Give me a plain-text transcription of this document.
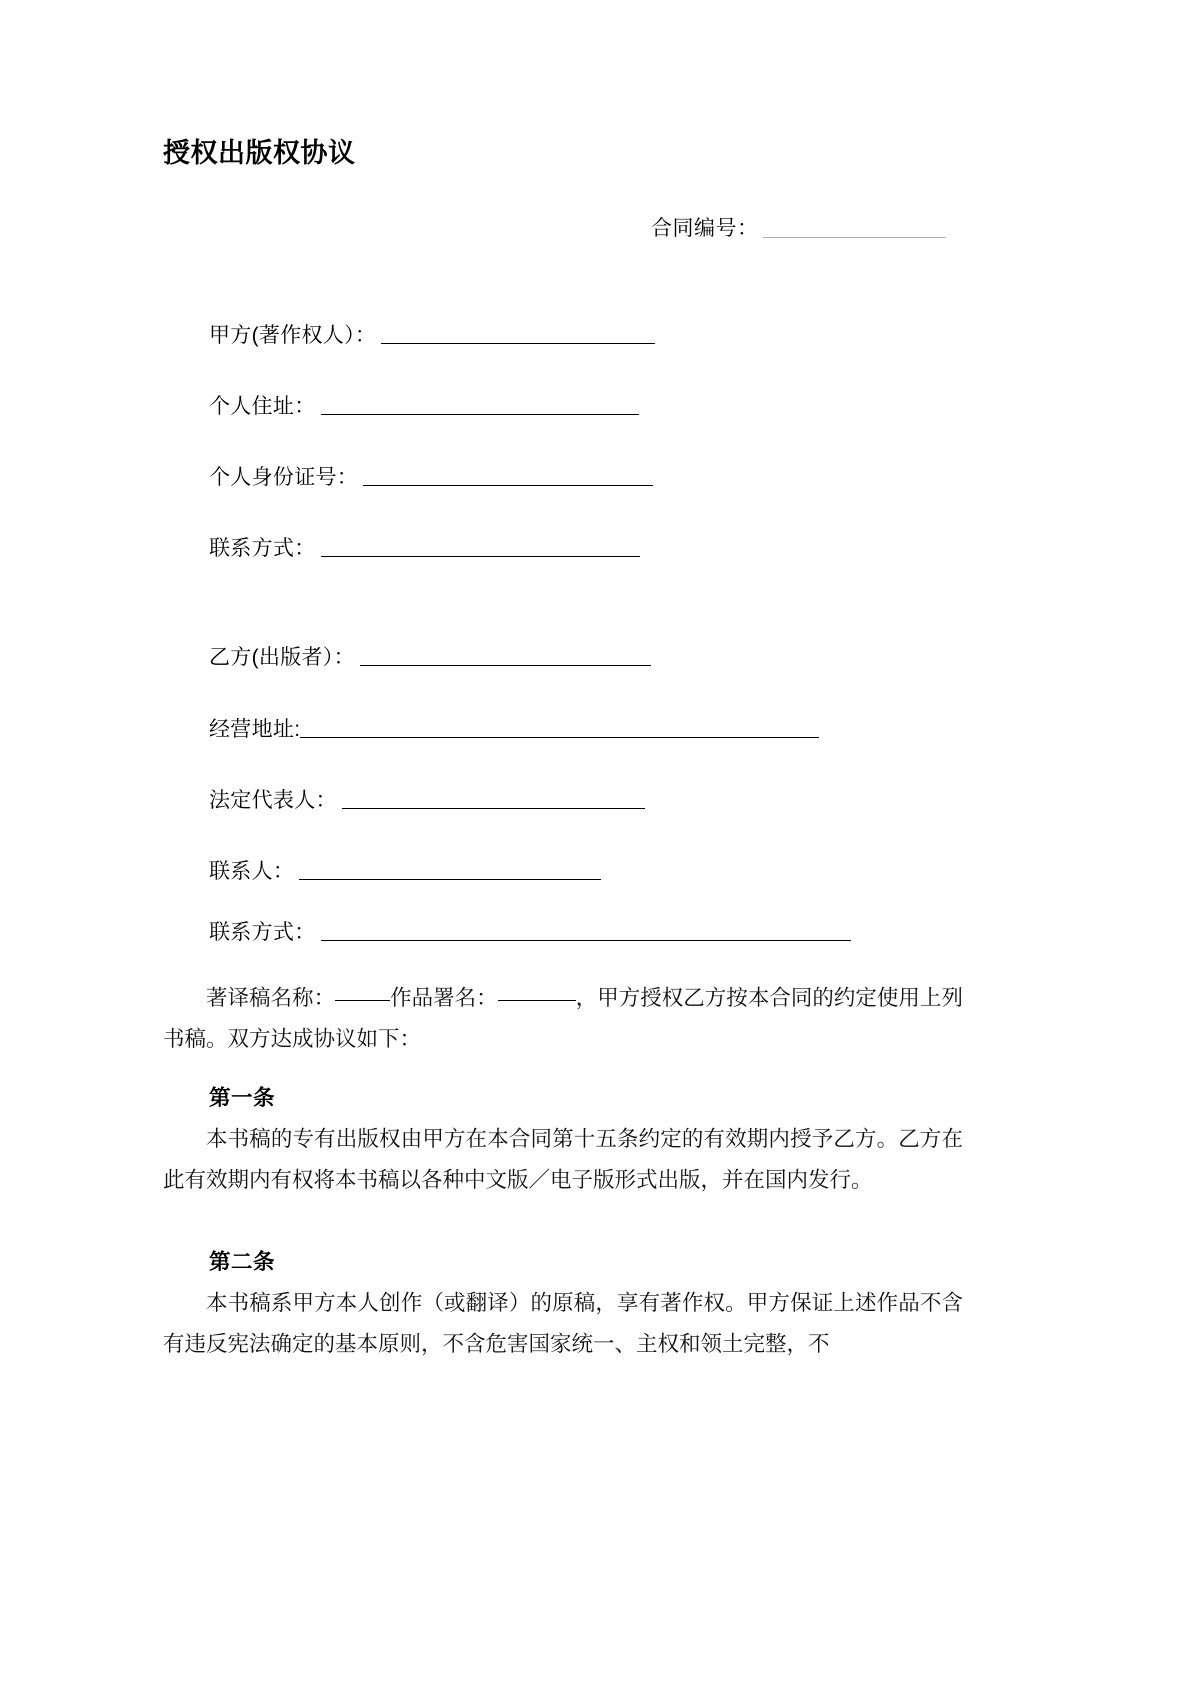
授权出版权协议
合同编号：
甲方(著作权人）：
个人住址：
个人身份证号：
联系方式：
乙方(出版者）：
经营地址:
法定代表人：
联系人：
联系方式：

著译稿名称：	作品署名：	，甲方授权乙方按本合同的约定使用上列书稿。双方达成协议如下：

第一条

本书稿的专有出版权由甲方在本合同第十五条约定的有效期内授予乙方。乙方在此有效期内有权将本书稿以各种中文版／电子版形式出版，并在国内发行。

第二条

本书稿系甲方本人创作（或翻译）的原稿，享有著作权。甲方保证上述作品不含有违反宪法确定的基本原则，不含危害国家统一、主权和领土完整，不
